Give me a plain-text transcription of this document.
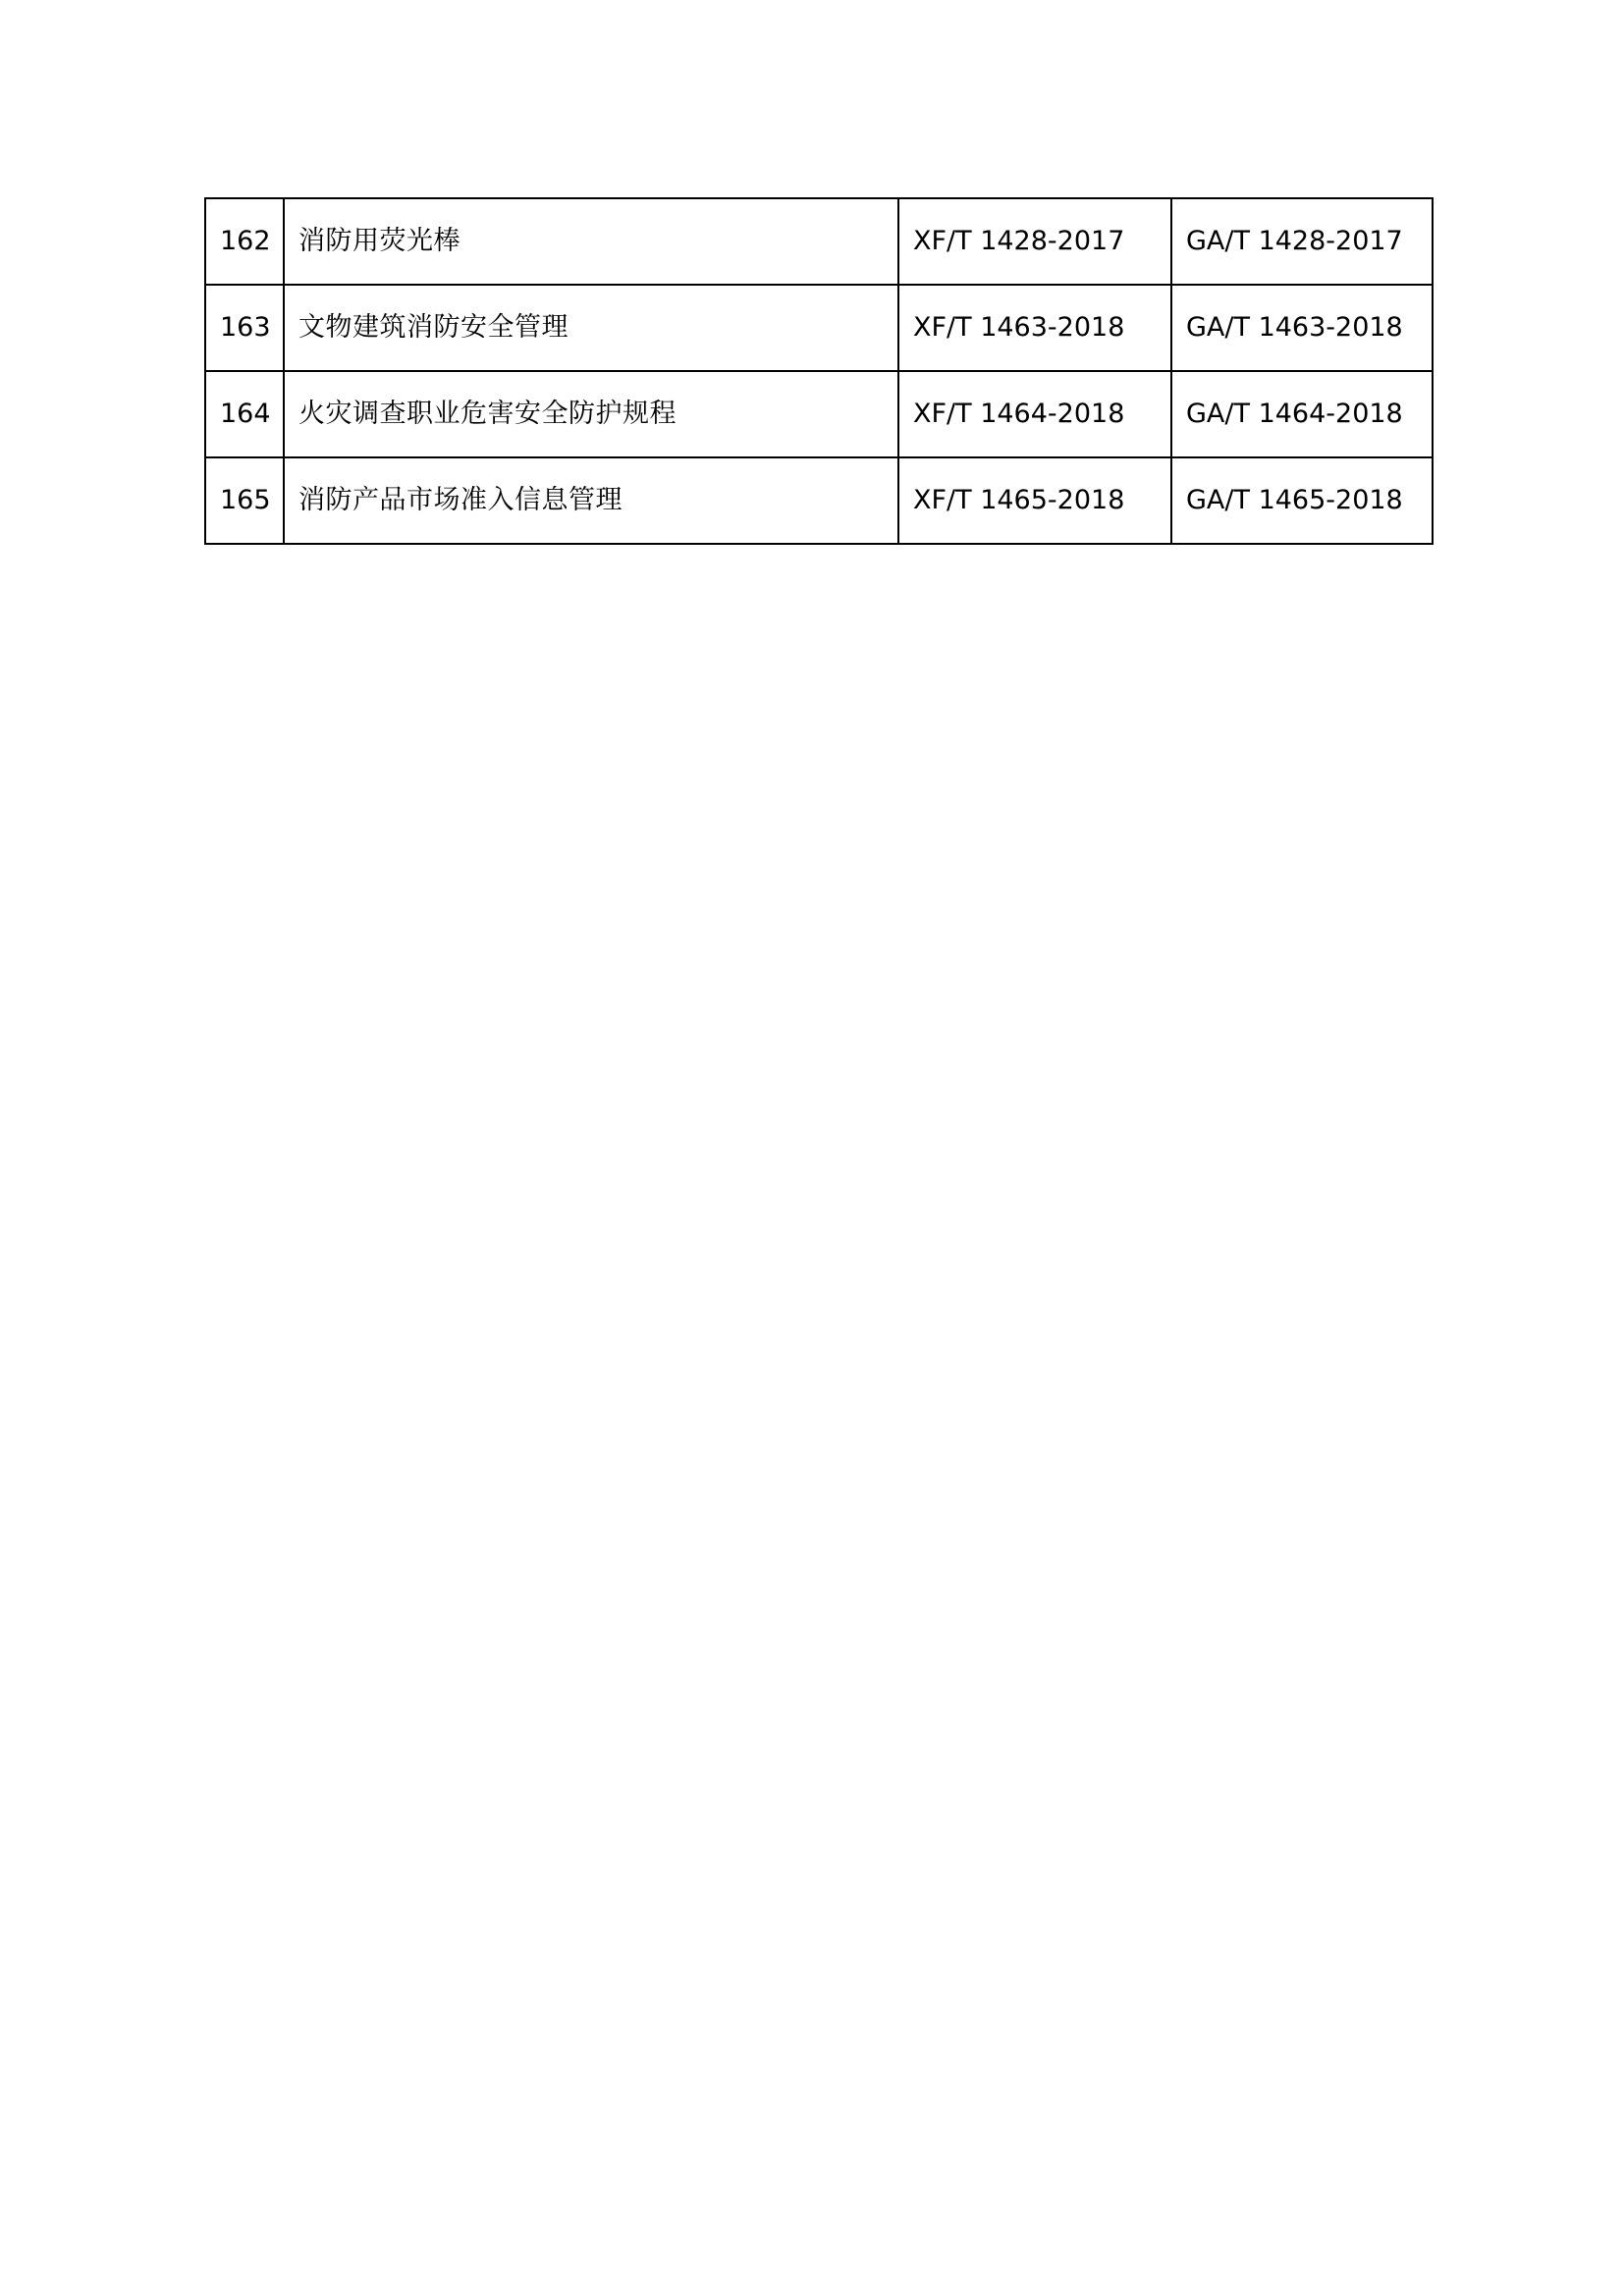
162	消防用荧光棒	XF/T 1428-2017	GA/T 1428-2017
163	文物建筑消防安全管理	XF/T 1463-2018	GA/T 1463-2018
164	火灾调查职业危害安全防护规程	XF/T 1464-2018	GA/T 1464-2018
165	消防产品市场准入信息管理	XF/T 1465-2018	GA/T 1465-2018
